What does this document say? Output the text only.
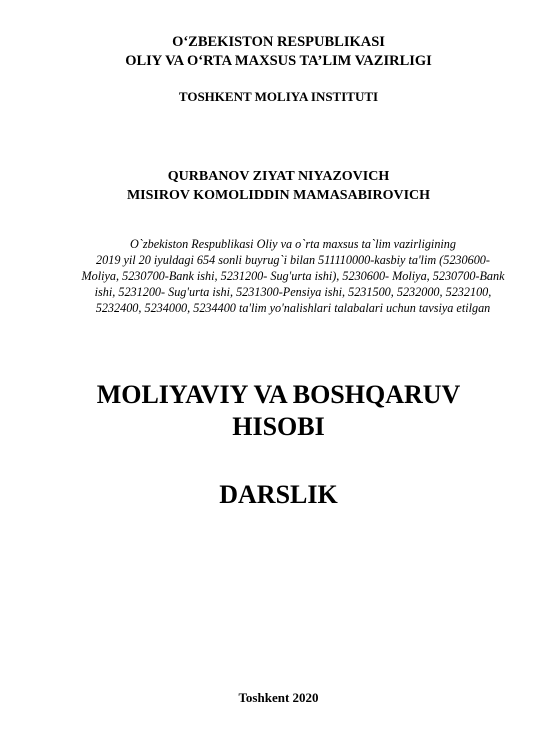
O‘ZBEKISTON RESPUBLIKASI

OLIY VA O‘RTA MAXSUS TA’LIM VAZIRLIGI

TOSHKENT MOLIYA INSTITUTI

QURBANOV ZIYAT NIYAZOVICH

MISIROV KOMOLIDDIN MAMASABIROVICH

O`zbekiston Respublikasi Oliy va o`rta maxsus ta`lim vazirligining
2019 yil 20 iyuldagi 654 sonli buyrug`i bilan 511110000-kasbiy ta'lim (5230600-
Moliya, 5230700-Bank ishi, 5231200- Sug'urta ishi), 5230600- Moliya, 5230700-Bank
ishi, 5231200- Sug'urta ishi, 5231300-Pensiya ishi, 5231500, 5232000, 5232100,
5232400, 5234000, 5234400 ta'lim yo'nalishlari talabalari uchun tavsiya etilgan

MOLIYAVIY VA BOSHQARUV

HISOBI

DARSLIK

Toshkent 2020
